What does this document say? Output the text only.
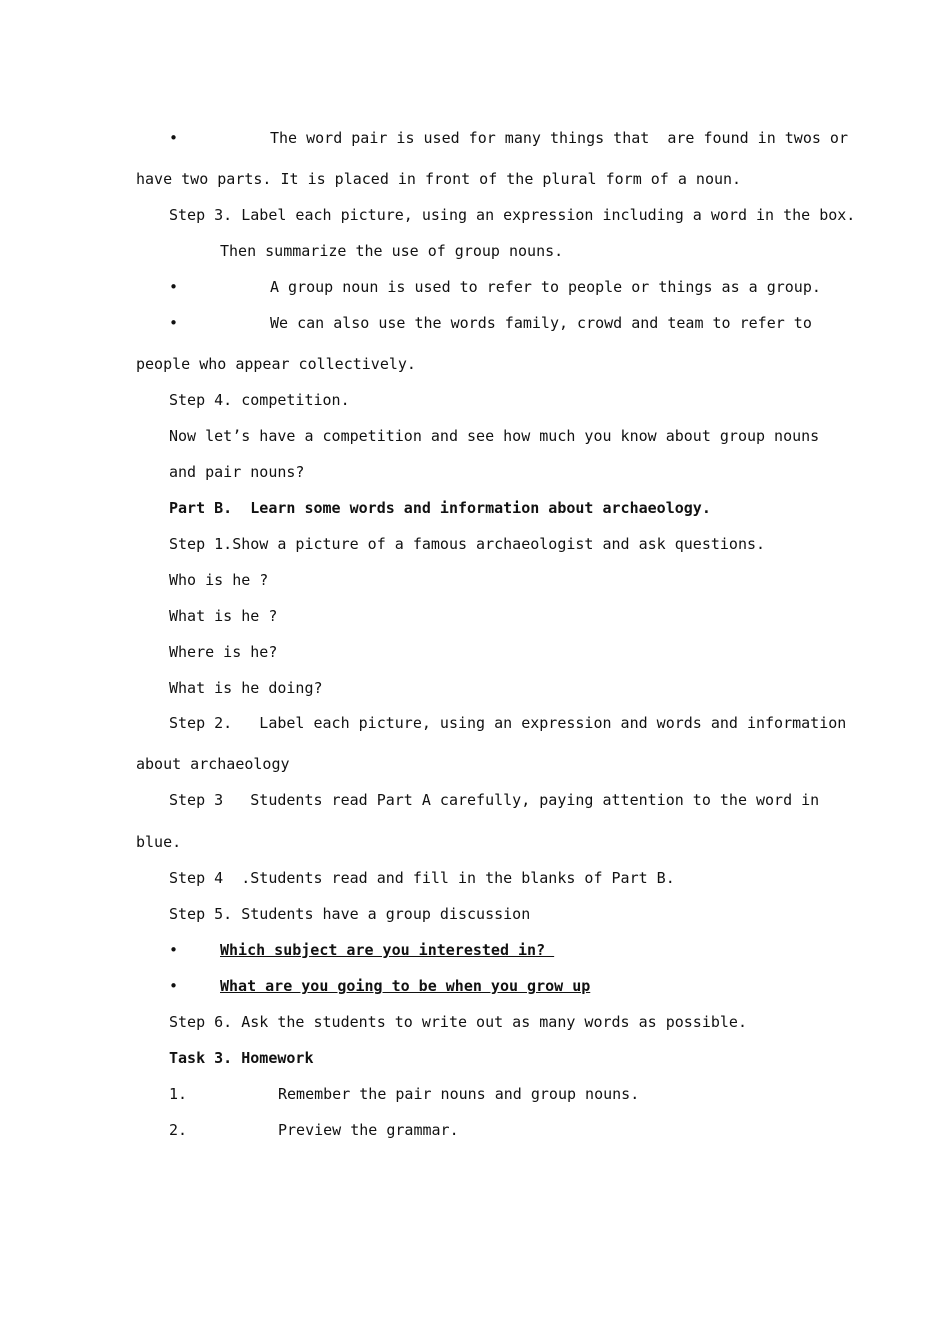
•	The word pair is used for many things that  are found in twos or
have two parts. It is placed in front of the plural form of a noun.
Step 3. Label each picture, using an expression including a word in the box.
Then summarize the use of group nouns.
•	A group noun is used to refer to people or things as a group.
•	We can also use the words family, crowd and team to refer to
people who appear collectively.
Step 4. competition.
Now let’s have a competition and see how much you know about group nouns
and pair nouns?
Part B.  Learn some words and information about archaeology.
Step 1.Show a picture of a famous archaeologist and ask questions.
Who is he ?
What is he ?
Where is he?
What is he doing?
Step 2.   Label each picture, using an expression and words and information
about archaeology
Step 3   Students read Part A carefully, paying attention to the word in
blue.
Step 4  .Students read and fill in the blanks of Part B.
Step 5. Students have a group discussion
•	Which subject are you interested in?
•	What are you going to be when you grow up
Step 6. Ask the students to write out as many words as possible.
Task 3. Homework
1.	Remember the pair nouns and group nouns.
2.	Preview the grammar.
